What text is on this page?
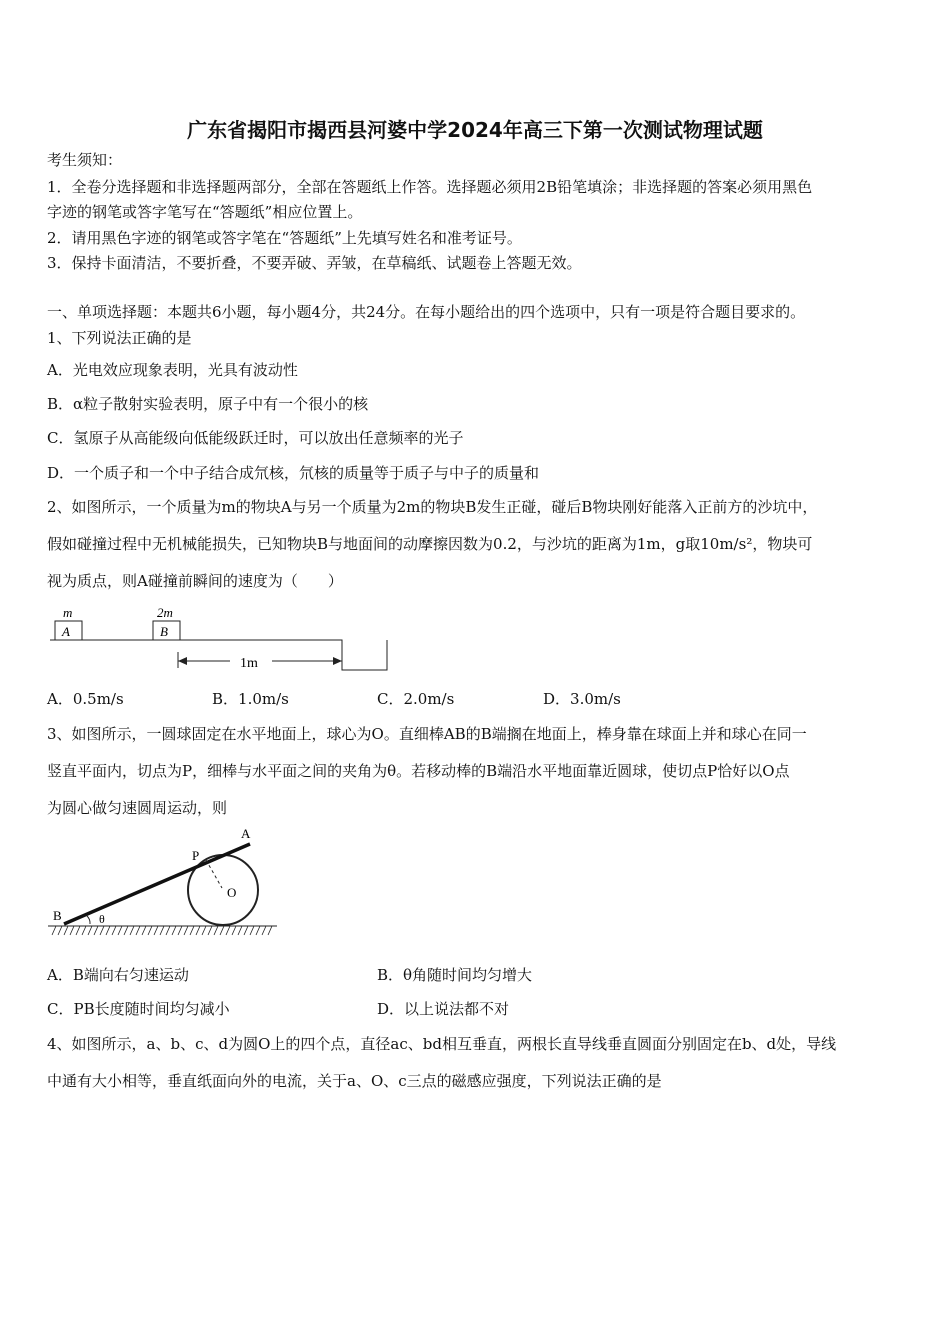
广东省揭阳市揭西县河婆中学2024年高三下第一次测试物理试题
考生须知：
1．全卷分选择题和非选择题两部分，全部在答题纸上作答。选择题必须用2B铅笔填涂；非选择题的答案必须用黑色
字迹的钢笔或答字笔写在“答题纸”相应位置上。
2．请用黑色字迹的钢笔或答字笔在“答题纸”上先填写姓名和准考证号。
3．保持卡面清洁，不要折叠，不要弄破、弄皱，在草稿纸、试题卷上答题无效。
一、单项选择题：本题共6小题，每小题4分，共24分。在每小题给出的四个选项中，只有一项是符合题目要求的。
1、下列说法正确的是
A．光电效应现象表明，光具有波动性
B．α粒子散射实验表明，原子中有一个很小的核
C．氢原子从高能级向低能级跃迁时，可以放出任意频率的光子
D．一个质子和一个中子结合成氘核，氘核的质量等于质子与中子的质量和
2、如图所示，一个质量为m的物块A与另一个质量为2m的物块B发生正碰，碰后B物块刚好能落入正前方的沙坑中，
假如碰撞过程中无机械能损失，已知物块B与地面间的动摩擦因数为0.2，与沙坑的距离为1m，g取10m/s²，物块可
视为质点，则A碰撞前瞬间的速度为（　　）
m	2m
A	B
1m
A．0.5m/s	B．1.0m/s	C．2.0m/s	D．3.0m/s
3、如图所示，一圆球固定在水平地面上，球心为O。直细棒AB的B端搁在地面上，棒身靠在球面上并和球心在同一
竖直平面内，切点为P，细棒与水平面之间的夹角为θ。若移动棒的B端沿水平地面靠近圆球，使切点P恰好以O点
为圆心做匀速圆周运动，则
A
P
O
B	θ
A．B端向右匀速运动	B．θ角随时间均匀增大
C．PB长度随时间均匀减小	D．以上说法都不对
4、如图所示，a、b、c、d为圆O上的四个点，直径ac、bd相互垂直，两根长直导线垂直圆面分别固定在b、d处，导线
中通有大小相等，垂直纸面向外的电流，关于a、O、c三点的磁感应强度，下列说法正确的是
